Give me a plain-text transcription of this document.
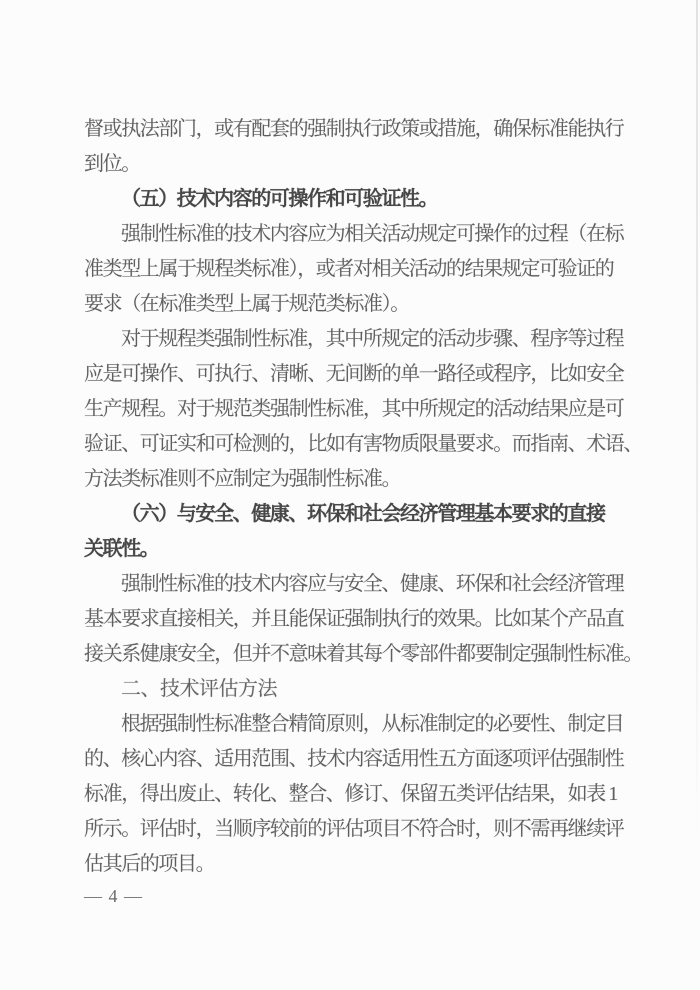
督或执法部门，或有配套的强制执行政策或措施，确保标准能执行
到位。
（五）技术内容的可操作和可验证性。
强制性标准的技术内容应为相关活动规定可操作的过程（在标
准类型上属于规程类标准），或者对相关活动的结果规定可验证的
要求（在标准类型上属于规范类标准）。
对于规程类强制性标准，其中所规定的活动步骤、程序等过程
应是可操作、可执行、清晰、无间断的单一路径或程序，比如安全
生产规程。对于规范类强制性标准，其中所规定的活动结果应是可
验证、可证实和可检测的，比如有害物质限量要求。而指南、术语、
方法类标准则不应制定为强制性标准。
（六）与安全、健康、环保和社会经济管理基本要求的直接
关联性。
强制性标准的技术内容应与安全、健康、环保和社会经济管理
基本要求直接相关，并且能保证强制执行的效果。比如某个产品直
接关系健康安全，但并不意味着其每个零部件都要制定强制性标准。
二、技术评估方法
根据强制性标准整合精简原则，从标准制定的必要性、制定目
的、核心内容、适用范围、技术内容适用性五方面逐项评估强制性
标准，得出废止、转化、整合、修订、保留五类评估结果，如表 1
所示。评估时，当顺序较前的评估项目不符合时，则不需再继续评
估其后的项目。
— 4 —
